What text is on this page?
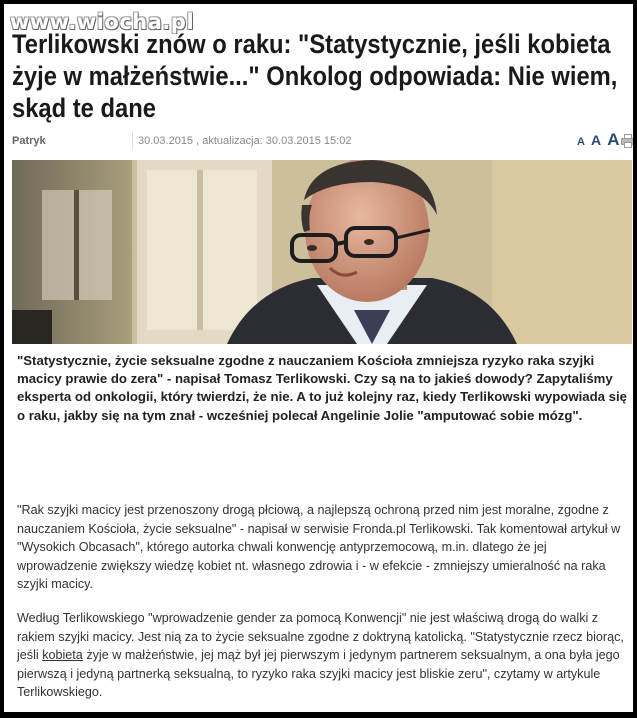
www.wiocha.pl
Terlikowski znów o raku: "Statystycznie, jeśli kobieta żyje w małżeństwie..." Onkolog odpowiada: Nie wiem, skąd te dane
Patryk	30.03.2015 , aktualizacja: 30.03.2015 15:02	A A A

"Statystycznie, życie seksualne zgodne z nauczaniem Kościoła zmniejsza ryzyko raka szyjki macicy prawie do zera" - napisał Tomasz Terlikowski. Czy są na to jakieś dowody? Zapytaliśmy eksperta od onkologii, który twierdzi, że nie. A to już kolejny raz, kiedy Terlikowski wypowiada się o raku, jakby się na tym znał - wcześniej polecał Angelinie Jolie "amputować sobie mózg".

"Rak szyjki macicy jest przenoszony drogą płciową, a najlepszą ochroną przed nim jest moralne, zgodne z nauczaniem Kościoła, życie seksualne" - napisał w serwisie Fronda.pl Terlikowski. Tak komentował artykuł w "Wysokich Obcasach", którego autorka chwali konwencję antyprzemocową, m.in. dlatego że jej wprowadzenie zwiększy wiedzę kobiet nt. własnego zdrowia i - w efekcie - zmniejszy umieralność na raka szyjki macicy.

Według Terlikowskiego "wprowadzenie gender za pomocą Konwencji" nie jest właściwą drogą do walki z rakiem szyjki macicy. Jest nią za to życie seksualne zgodne z doktryną katolicką. "Statystycznie rzecz biorąc, jeśli kobieta żyje w małżeństwie, jej mąż był jej pierwszym i jedynym partnerem seksualnym, a ona była jego pierwszą i jedyną partnerką seksualną, to ryzyko raka szyjki macicy jest bliskie zeru", czytamy w artykule Terlikowskiego.
